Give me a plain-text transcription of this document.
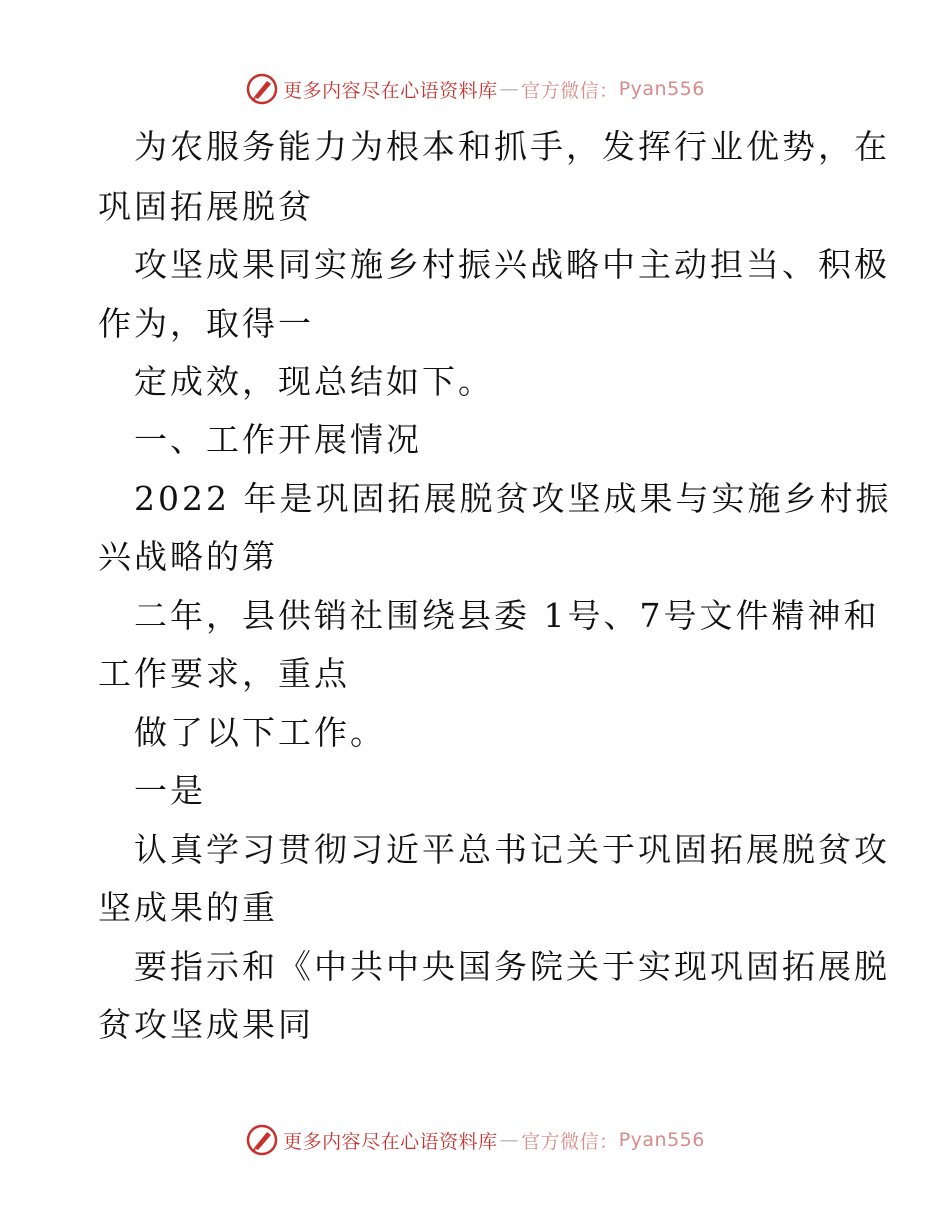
更多内容尽在心语资料库 — 官方微信： Pyan556
为农服务能力为根本和抓手，发挥行业优势，在
巩固拓展脱贫
攻坚成果同实施乡村振兴战略中主动担当、积极
作为，取得一
定成效，现总结如下。
一、工作开展情况
2022 年是巩固拓展脱贫攻坚成果与实施乡村振
兴战略的第
二年，县供销社围绕县委 1号、7号文件精神和
工作要求，重点
做了以下工作。
一是
认真学习贯彻习近平总书记关于巩固拓展脱贫攻
坚成果的重
要指示和《中共中央国务院关于实现巩固拓展脱
贫攻坚成果同
更多内容尽在心语资料库 — 官方微信： Pyan556
